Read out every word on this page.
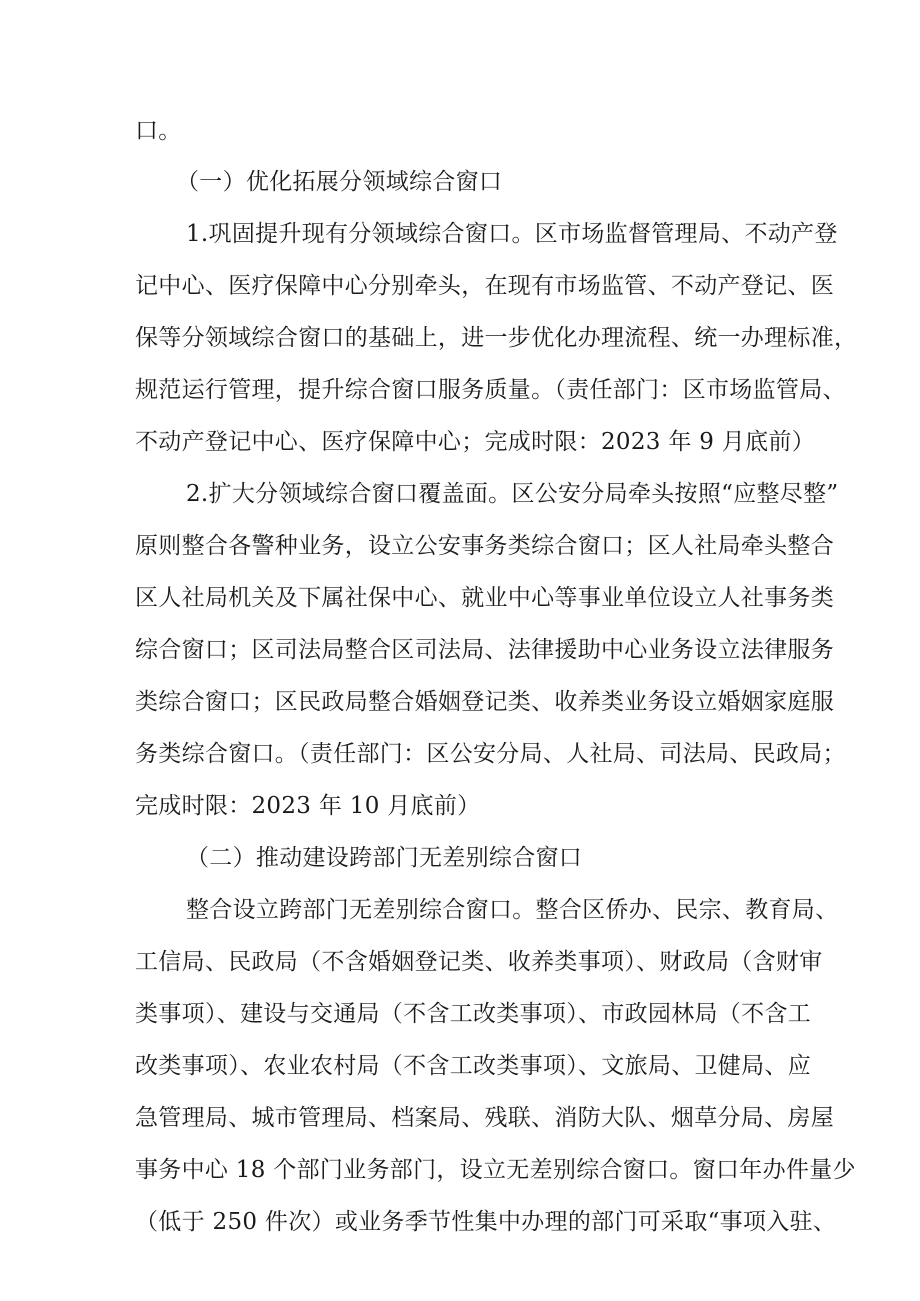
口。
（一）优化拓展分领域综合窗口
1.巩固提升现有分领域综合窗口。区市场监督管理局、不动产登
记中心、医疗保障中心分别牵头，在现有市场监管、不动产登记、医
保等分领域综合窗口的基础上，进一步优化办理流程、统一办理标准，
规范运行管理，提升综合窗口服务质量。（责任部门：区市场监管局、
不动产登记中心、医疗保障中心；完成时限：2023 年 9 月底前）
2.扩大分领域综合窗口覆盖面。区公安分局牵头按照“应整尽整”
原则整合各警种业务，设立公安事务类综合窗口；区人社局牵头整合
区人社局机关及下属社保中心、就业中心等事业单位设立人社事务类
综合窗口；区司法局整合区司法局、法律援助中心业务设立法律服务
类综合窗口；区民政局整合婚姻登记类、收养类业务设立婚姻家庭服
务类综合窗口。（责任部门：区公安分局、人社局、司法局、民政局；
完成时限：2023 年 10 月底前）
（二）推动建设跨部门无差别综合窗口
整合设立跨部门无差别综合窗口。整合区侨办、民宗、教育局、
工信局、民政局（不含婚姻登记类、收养类事项）、财政局（含财审
类事项）、建设与交通局（不含工改类事项）、市政园林局（不含工
改类事项）、农业农村局（不含工改类事项）、文旅局、卫健局、应
急管理局、城市管理局、档案局、残联、消防大队、烟草分局、房屋
事务中心 18 个部门业务部门，设立无差别综合窗口。窗口年办件量少
（低于 250 件次）或业务季节性集中办理的部门可采取“事项入驻、
